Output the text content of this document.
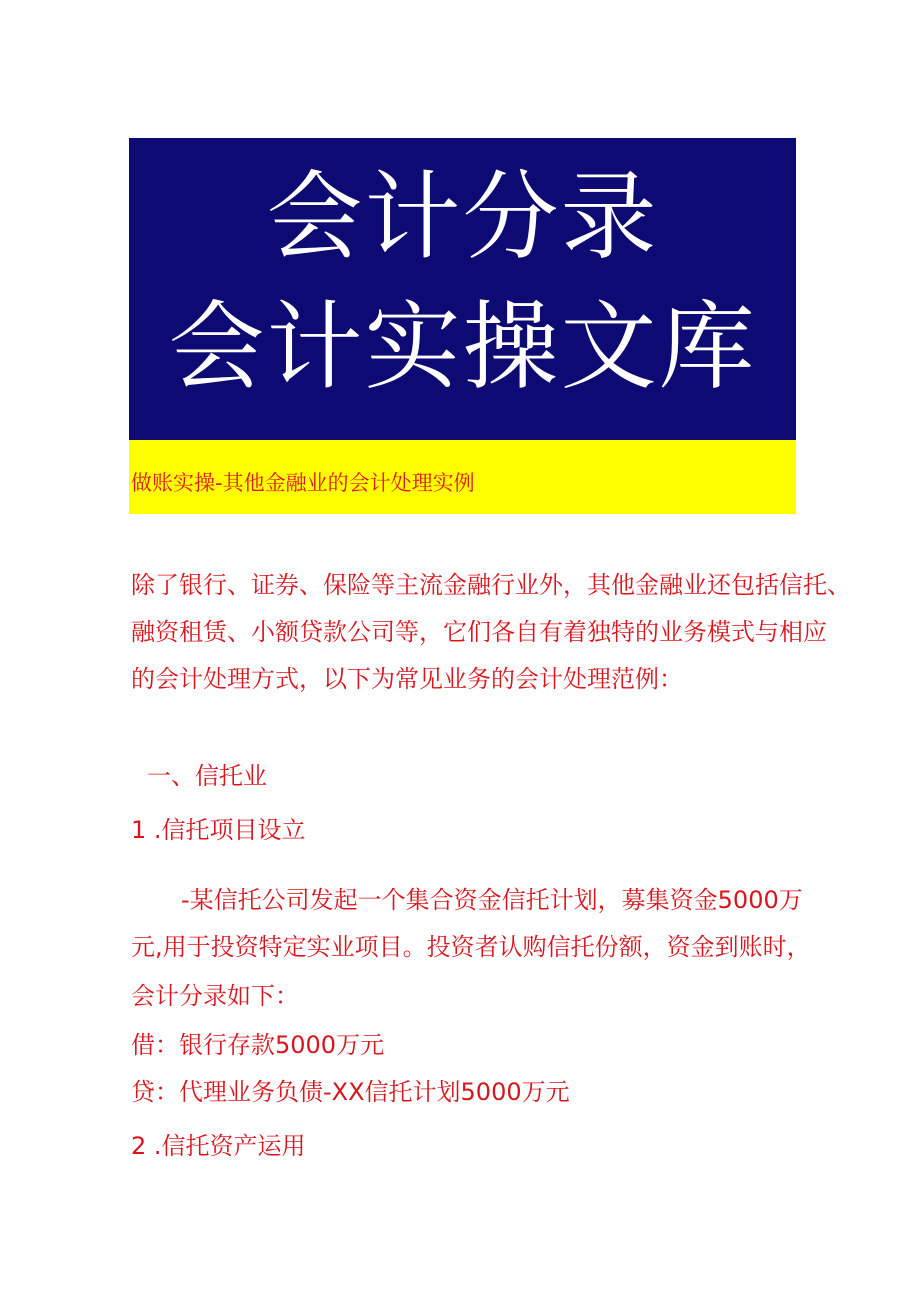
会计分录
会计实操文库
做账实操-其他金融业的会计处理实例
除了银行、证券、保险等主流金融行业外，其他金融业还包括信托、
融资租赁、小额贷款公司等，它们各自有着独特的业务模式与相应
的会计处理方式，以下为常见业务的会计处理范例：
一、信托业
1 .信托项目设立
-某信托公司发起一个集合资金信托计划，募集资金5000万
元,用于投资特定实业项目。投资者认购信托份额，资金到账时，
会计分录如下：
借：银行存款5000万元
贷：代理业务负债-XX信托计划5000万元
2 .信托资产运用
